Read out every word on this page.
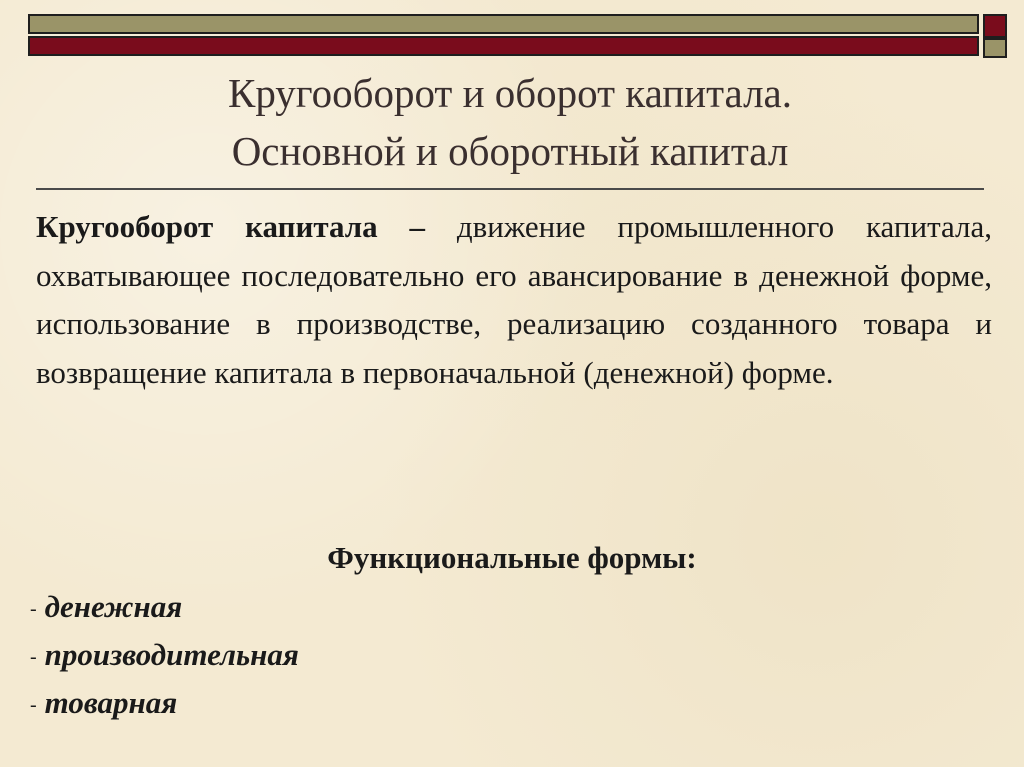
Кругооборот и оборот капитала.
Основной и оборотный капитал
Кругооборот капитала – движение промышленного капитала, охватывающее последовательно его авансирование в денежной форме, использование в производстве, реализацию созданного товара и возвращение капитала в первоначальной (денежной) форме.
Функциональные формы:
- денежная
- производительная
- товарная
